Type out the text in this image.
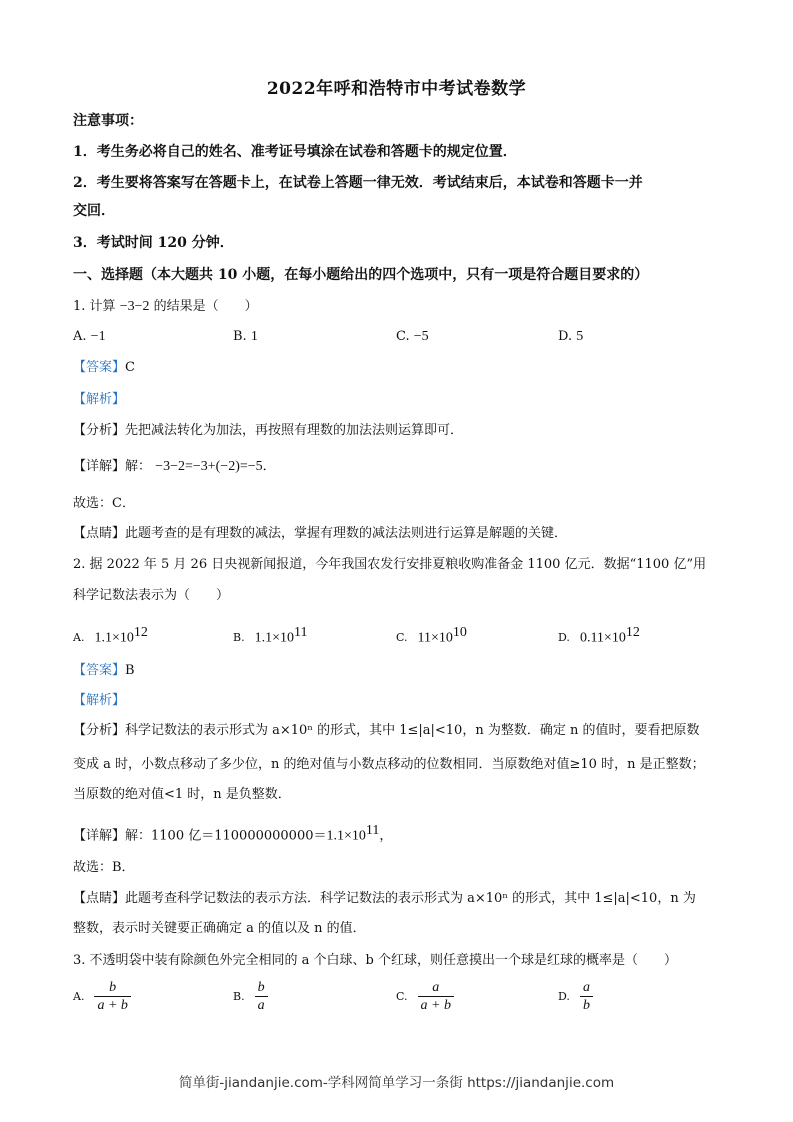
2022年呼和浩特市中考试卷数学
注意事项：
1．考生务必将自己的姓名、准考证号填涂在试卷和答题卡的规定位置．
2．考生要将答案写在答题卡上，在试卷上答题一律无效．考试结束后，本试卷和答题卡一并
交回．
3．考试时间 120 分钟．
一、选择题（本大题共 10 小题，在每小题给出的四个选项中，只有一项是符合题目要求的）
1. 计算 −3−2 的结果是（　　）
A. −1	B. 1	C. −5	D. 5
【答案】C
【解析】
【分析】先把减法转化为加法，再按照有理数的加法法则运算即可．
【详解】解： −3−2=−3+(−2)=−5．
故选：C．
【点睛】此题考查的是有理数的减法，掌握有理数的减法法则进行运算是解题的关键．
2. 据 2022 年 5 月 26 日央视新闻报道，今年我国农发行安排夏粮收购准备金 1100 亿元．数据“1100 亿”用
科学记数法表示为（　　）
A. $1.1\times 10^{12}$	B. $1.1\times 10^{11}$	C. $11\times 10^{10}$	D. $0.11\times 10^{12}$
【答案】B
【解析】
【分析】科学记数法的表示形式为 a×10ⁿ 的形式，其中 1≤|a|<10，n 为整数．确定 n 的值时，要看把原数
变成 a 时，小数点移动了多少位，n 的绝对值与小数点移动的位数相同．当原数绝对值≥10 时，n 是正整数；
当原数的绝对值<1 时，n 是负整数．
【详解】解：1100 亿$=110000000000=1.1\times 10^{11}$，
故选：B．
【点睛】此题考查科学记数法的表示方法．科学记数法的表示形式为 a×10ⁿ 的形式，其中 1≤|a|<10，n 为
整数，表示时关键要正确确定 a 的值以及 n 的值．
3. 不透明袋中装有除颜色外完全相同的 a 个白球、b 个红球，则任意摸出一个球是红球的概率是（　　）
A. $\frac{b}{a + b}$	B. $\frac{b}{a}$	C. $\frac{a}{a + b}$	D. $\frac{a}{b}$
简单街-jiandanjie.com-学科网简单学习一条街 https://jiandanjie.com
